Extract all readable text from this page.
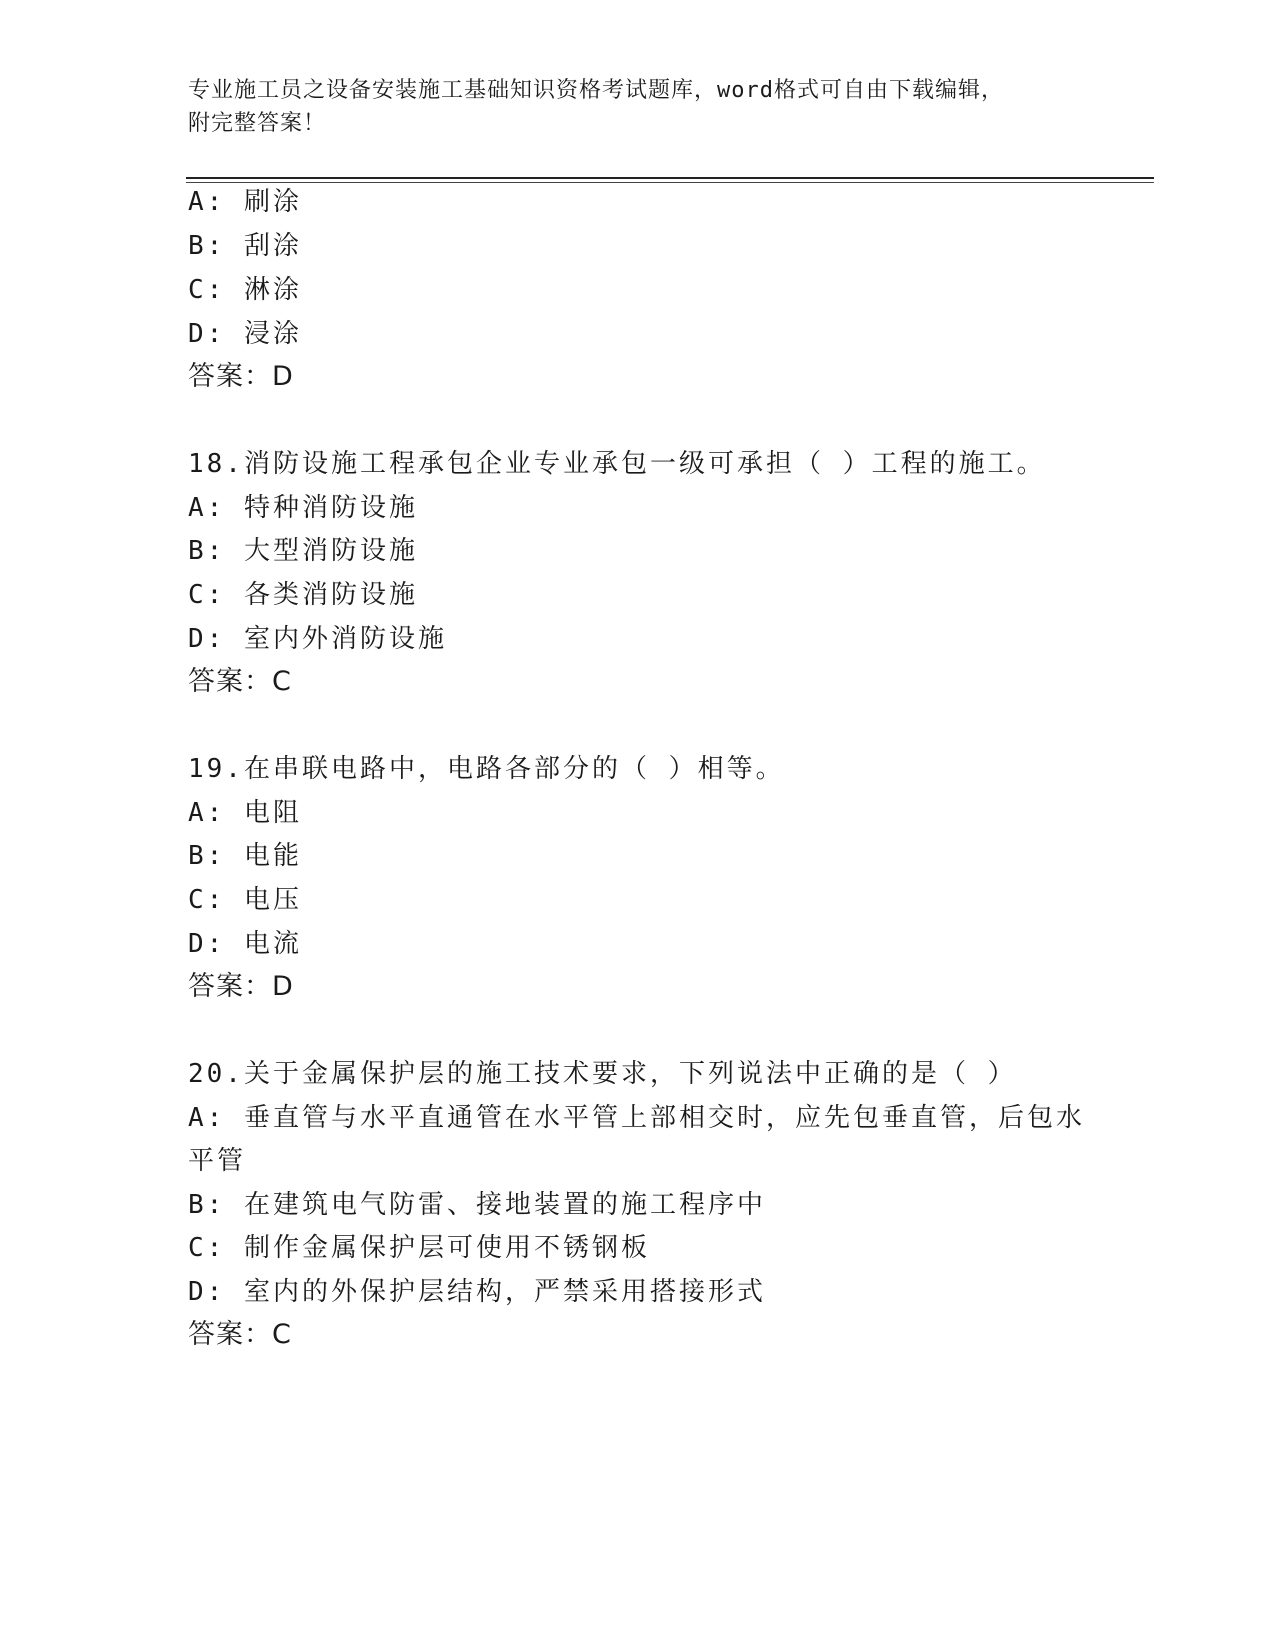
专业施工员之设备安装施工基础知识资格考试题库，word格式可自由下载编辑，
附完整答案！
A: 刷涂
B: 刮涂
C: 淋涂
D: 浸涂
答案：D
18.消防设施工程承包企业专业承包一级可承担（ ）工程的施工。
A: 特种消防设施
B: 大型消防设施
C: 各类消防设施
D: 室内外消防设施
答案：C
19.在串联电路中，电路各部分的（ ）相等。
A: 电阻
B: 电能
C: 电压
D: 电流
答案：D
20.关于金属保护层的施工技术要求，下列说法中正确的是（ ）
A: 垂直管与水平直通管在水平管上部相交时，应先包垂直管，后包水
平管
B: 在建筑电气防雷、接地装置的施工程序中
C: 制作金属保护层可使用不锈钢板
D: 室内的外保护层结构，严禁采用搭接形式
答案：C
